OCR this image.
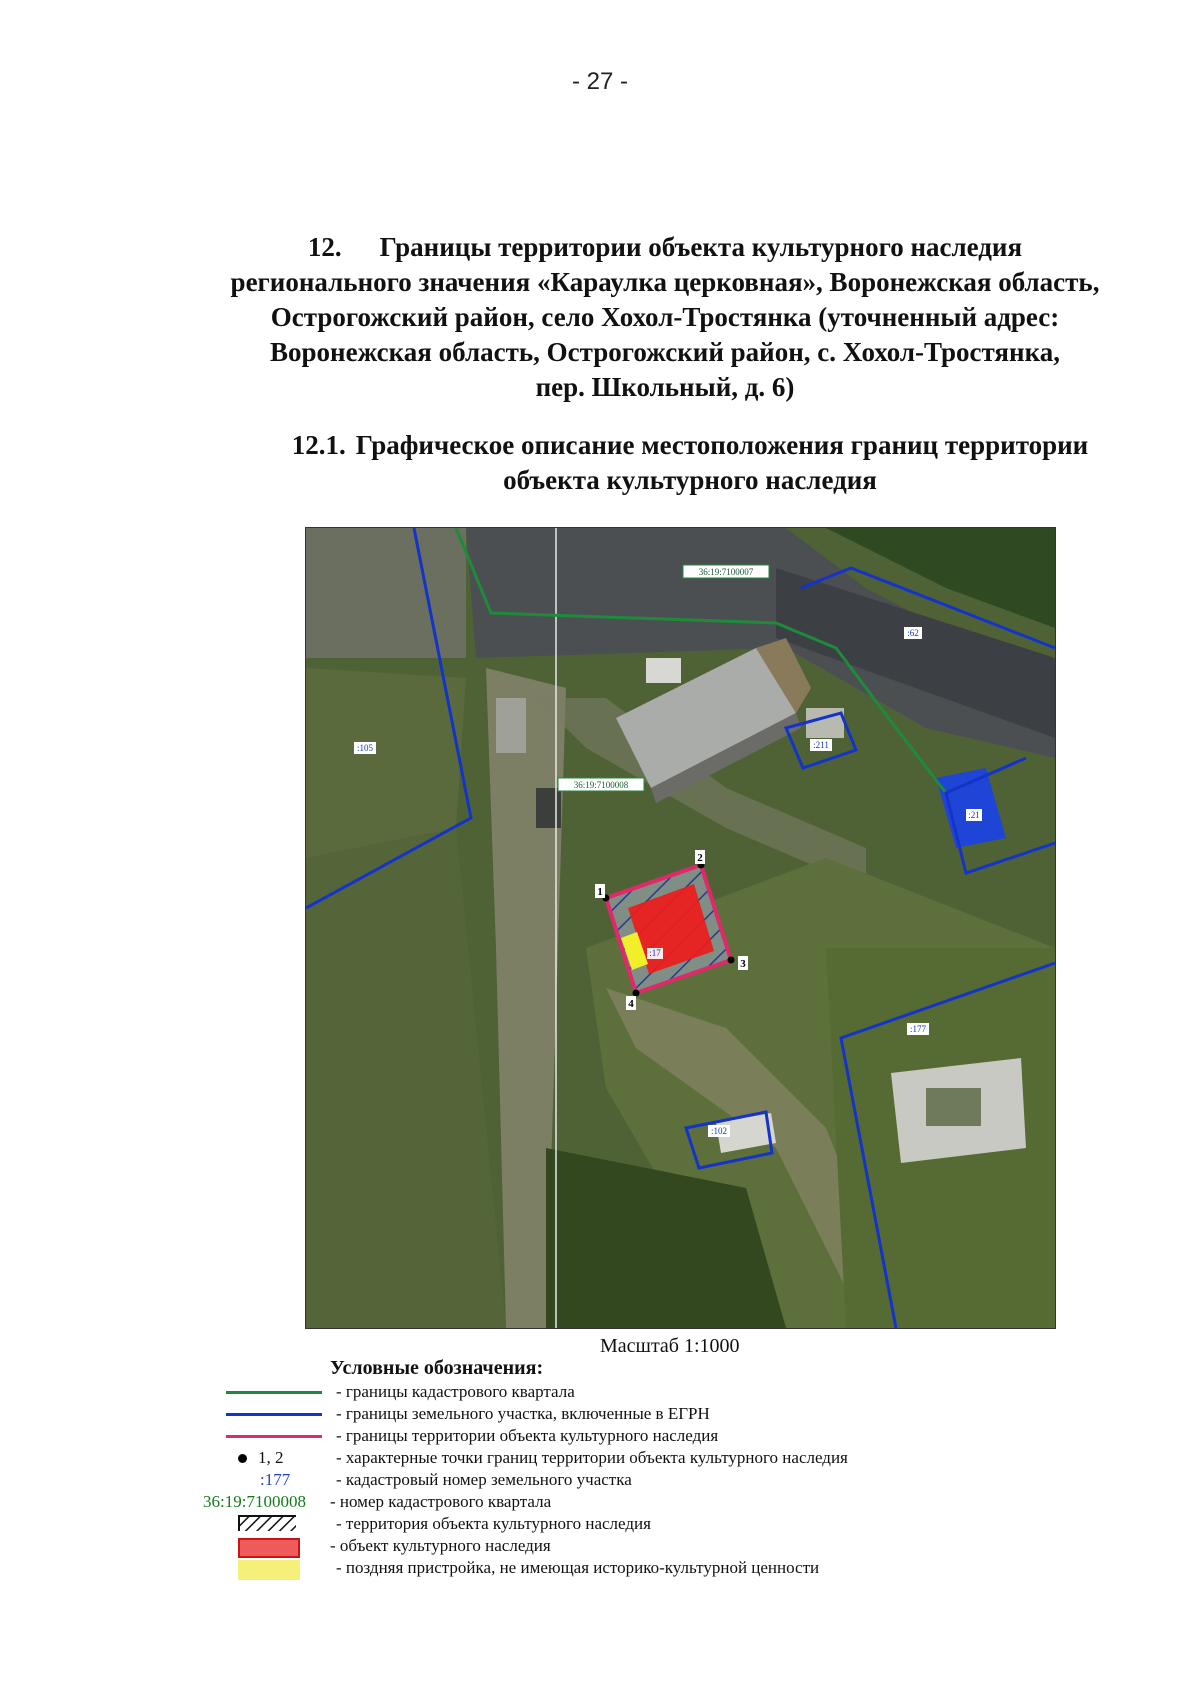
- 27 -
12. Границы территории объекта культурного наследия
регионального значения «Караулка церковная», Воронежская область,
Острогожский район, село Хохол-Тростянка (уточненный адрес:
Воронежская область, Острогожский район, с. Хохол-Тростянка,
пер. Школьный, д. 6)
12.1. Графическое описание местоположения границ территории
объекта культурного наследия
36:19:7100007
36:19:7100008
:105
:62
:211
:21
:177
:102
:17
1
2
3
4
Масштаб 1:1000
Условные обозначения:
- границы кадастрового квартала
- границы земельного участка, включенные в ЕГРН
- границы территории объекта культурного наследия
1, 2	- характерные точки границ территории объекта культурного наследия
:177	- кадастровый номер земельного участка
36:19:7100008 - номер кадастрового квартала
- территория объекта культурного наследия
- объект культурного наследия
- поздняя пристройка, не имеющая историко-культурной ценности
